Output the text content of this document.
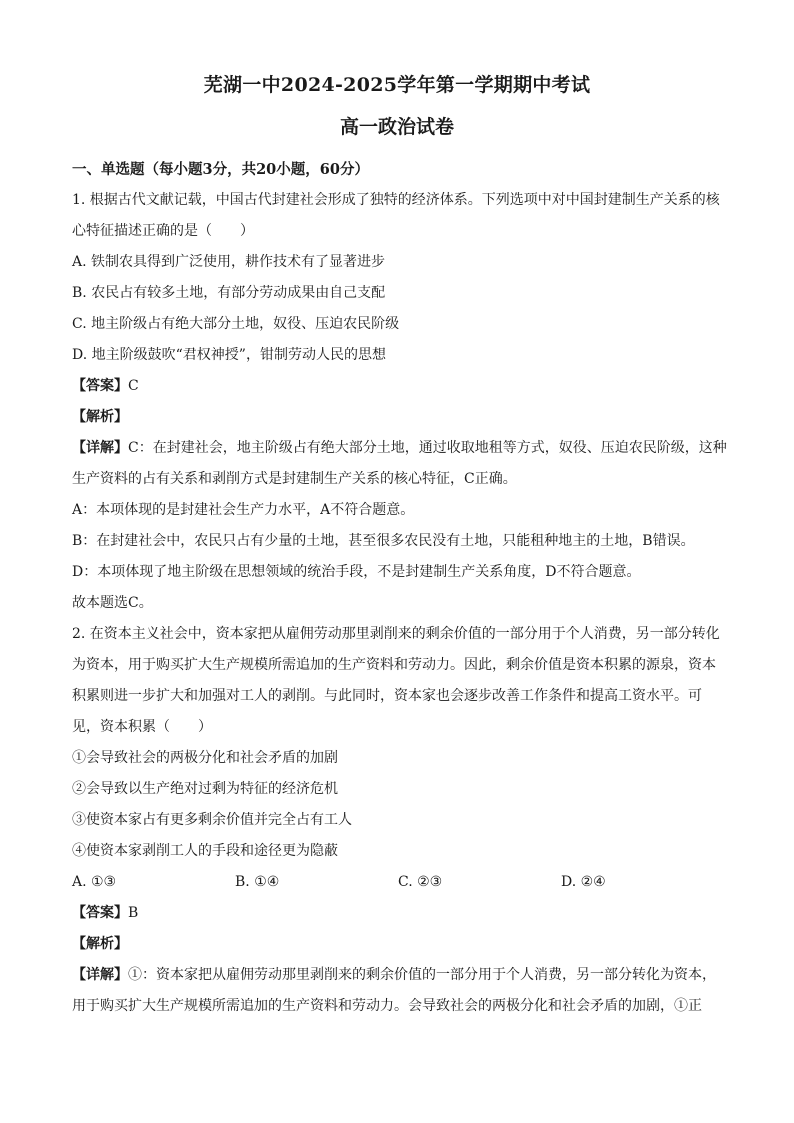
芜湖一中2024-2025学年第一学期期中考试
高一政治试卷
一、单选题（每小题3分，共20小题，60分）
1. 根据古代文献记载，中国古代封建社会形成了独特的经济体系。下列选项中对中国封建制生产关系的核
心特征描述正确的是（　　）
A. 铁制农具得到广泛使用，耕作技术有了显著进步
B. 农民占有较多土地，有部分劳动成果由自己支配
C. 地主阶级占有绝大部分土地，奴役、压迫农民阶级
D. 地主阶级鼓吹“君权神授”，钳制劳动人民的思想
【答案】C
【解析】
【详解】C：在封建社会，地主阶级占有绝大部分土地，通过收取地租等方式，奴役、压迫农民阶级，这种
生产资料的占有关系和剥削方式是封建制生产关系的核心特征，C正确。
A：本项体现的是封建社会生产力水平，A不符合题意。
B：在封建社会中，农民只占有少量的土地，甚至很多农民没有土地，只能租种地主的土地，B错误。
D：本项体现了地主阶级在思想领域的统治手段，不是封建制生产关系角度，D不符合题意。
故本题选C。
2. 在资本主义社会中，资本家把从雇佣劳动那里剥削来的剩余价值的一部分用于个人消费，另一部分转化
为资本，用于购买扩大生产规模所需追加的生产资料和劳动力。因此，剩余价值是资本积累的源泉，资本
积累则进一步扩大和加强对工人的剥削。与此同时，资本家也会逐步改善工作条件和提高工资水平。可
见，资本积累（　　）
①会导致社会的两极分化和社会矛盾的加剧
②会导致以生产绝对过剩为特征的经济危机
③使资本家占有更多剩余价值并完全占有工人
④使资本家剥削工人的手段和途径更为隐蔽
A. ①③	B. ①④	C. ②③	D. ②④
【答案】B
【解析】
【详解】①：资本家把从雇佣劳动那里剥削来的剩余价值的一部分用于个人消费，另一部分转化为资本，
用于购买扩大生产规模所需追加的生产资料和劳动力。会导致社会的两极分化和社会矛盾的加剧，①正
